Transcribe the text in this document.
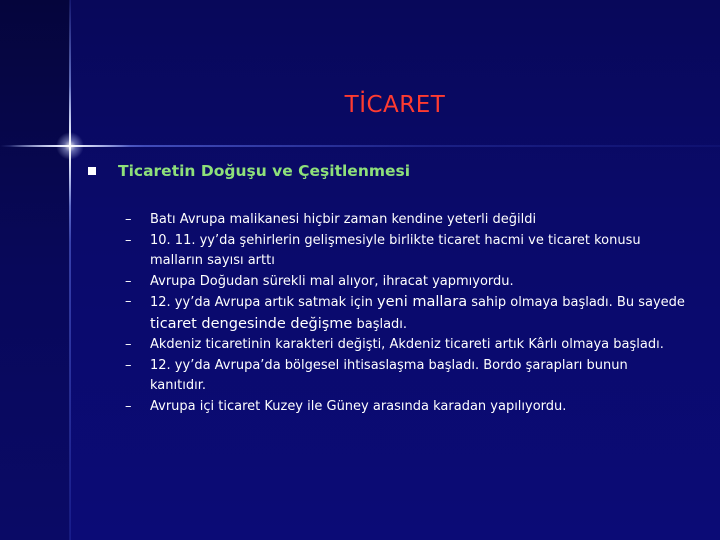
TİCARET
Ticaretin Doğuşu ve Çeşitlenmesi
–	Batı Avrupa malikanesi hiçbir zaman kendine yeterli değildi
–	10. 11. yy’da şehirlerin gelişmesiyle birlikte ticaret hacmi ve ticaret konusu malların sayısı arttı
–	Avrupa Doğudan sürekli mal alıyor, ihracat yapmıyordu.
–	12. yy’da Avrupa artık satmak için yeni mallara sahip olmaya başladı. Bu sayede ticaret dengesinde değişme başladı.
–	Akdeniz ticaretinin karakteri değişti, Akdeniz ticareti artık Kârlı olmaya başladı.
–	12. yy’da Avrupa’da bölgesel ihtisaslaşma başladı. Bordo şarapları bunun kanıtıdır.
–	Avrupa içi ticaret Kuzey ile Güney arasında karadan yapılıyordu.
